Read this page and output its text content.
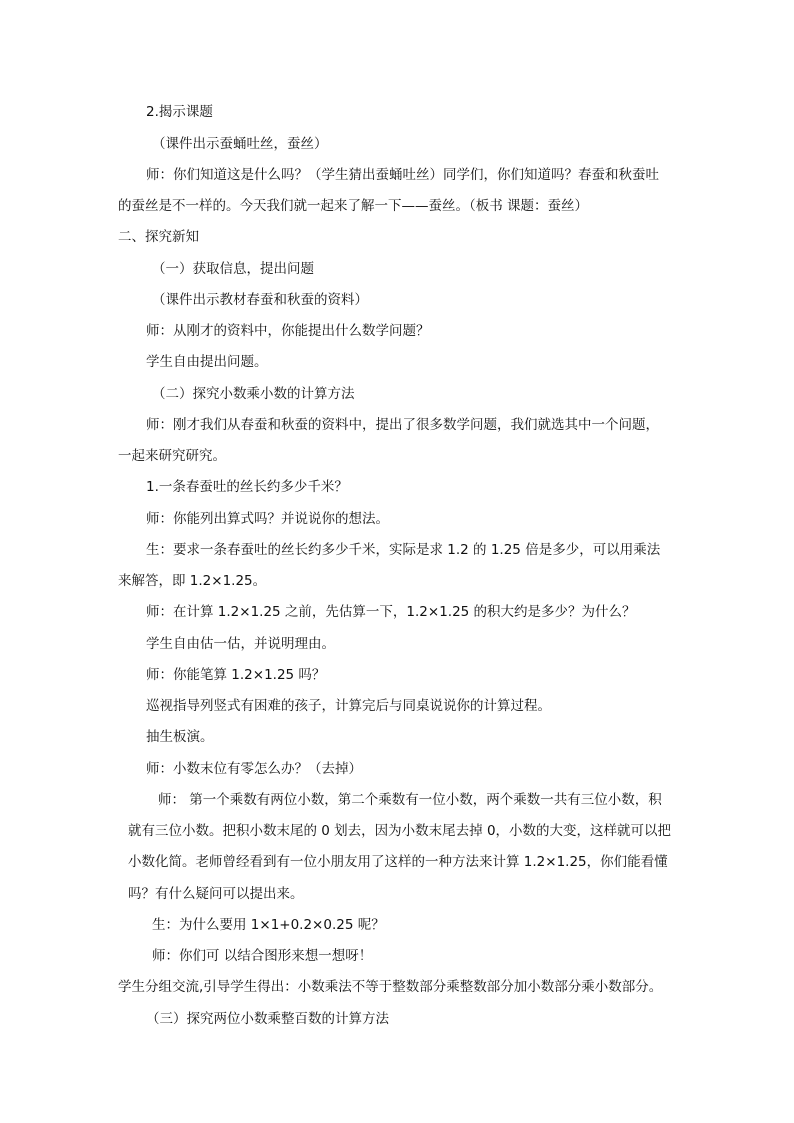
2.揭示课题

（课件出示蚕蛹吐丝，蚕丝）

师：你们知道这是什么吗？（学生猜出蚕蛹吐丝）同学们，你们知道吗？春蚕和秋蚕吐

的蚕丝是不一样的。今天我们就一起来了解一下——蚕丝。（板书 课题：蚕丝）

二、探究新知

（一）获取信息，提出问题

（课件出示教材春蚕和秋蚕的资料）

师：从刚才的资料中，你能提出什么数学问题？

学生自由提出问题。

（二）探究小数乘小数的计算方法

师：刚才我们从春蚕和秋蚕的资料中，提出了很多数学问题，我们就选其中一个问题，

一起来研究研究。

1.一条春蚕吐的丝长约多少千米？

师：你能列出算式吗？并说说你的想法。

生：要求一条春蚕吐的丝长约多少千米，实际是求 1.2 的 1.25 倍是多少，可以用乘法

来解答，即 1.2×1.25。

师：在计算 1.2×1.25 之前，先估算一下，1.2×1.25 的积大约是多少？为什么？

学生自由估一估，并说明理由。

师：你能笔算 1.2×1.25 吗？

巡视指导列竖式有困难的孩子，计算完后与同桌说说你的计算过程。

抽生板演。

师：小数末位有零怎么办？（去掉）

师： 第一个乘数有两位小数，第二个乘数有一位小数，两个乘数一共有三位小数，积

就有三位小数。把积小数末尾的 0 划去，因为小数末尾去掉 0，小数的大变，这样就可以把

小数化简。老师曾经看到有一位小朋友用了这样的一种方法来计算 1.2×1.25，你们能看懂

吗？有什么疑问可以提出来。

生：为什么要用 1×1+0.2×0.25 呢？

师：你们可 以结合图形来想一想呀！

学生分组交流,引导学生得出：小数乘法不等于整数部分乘整数部分加小数部分乘小数部分。

（三）探究两位小数乘整百数的计算方法
